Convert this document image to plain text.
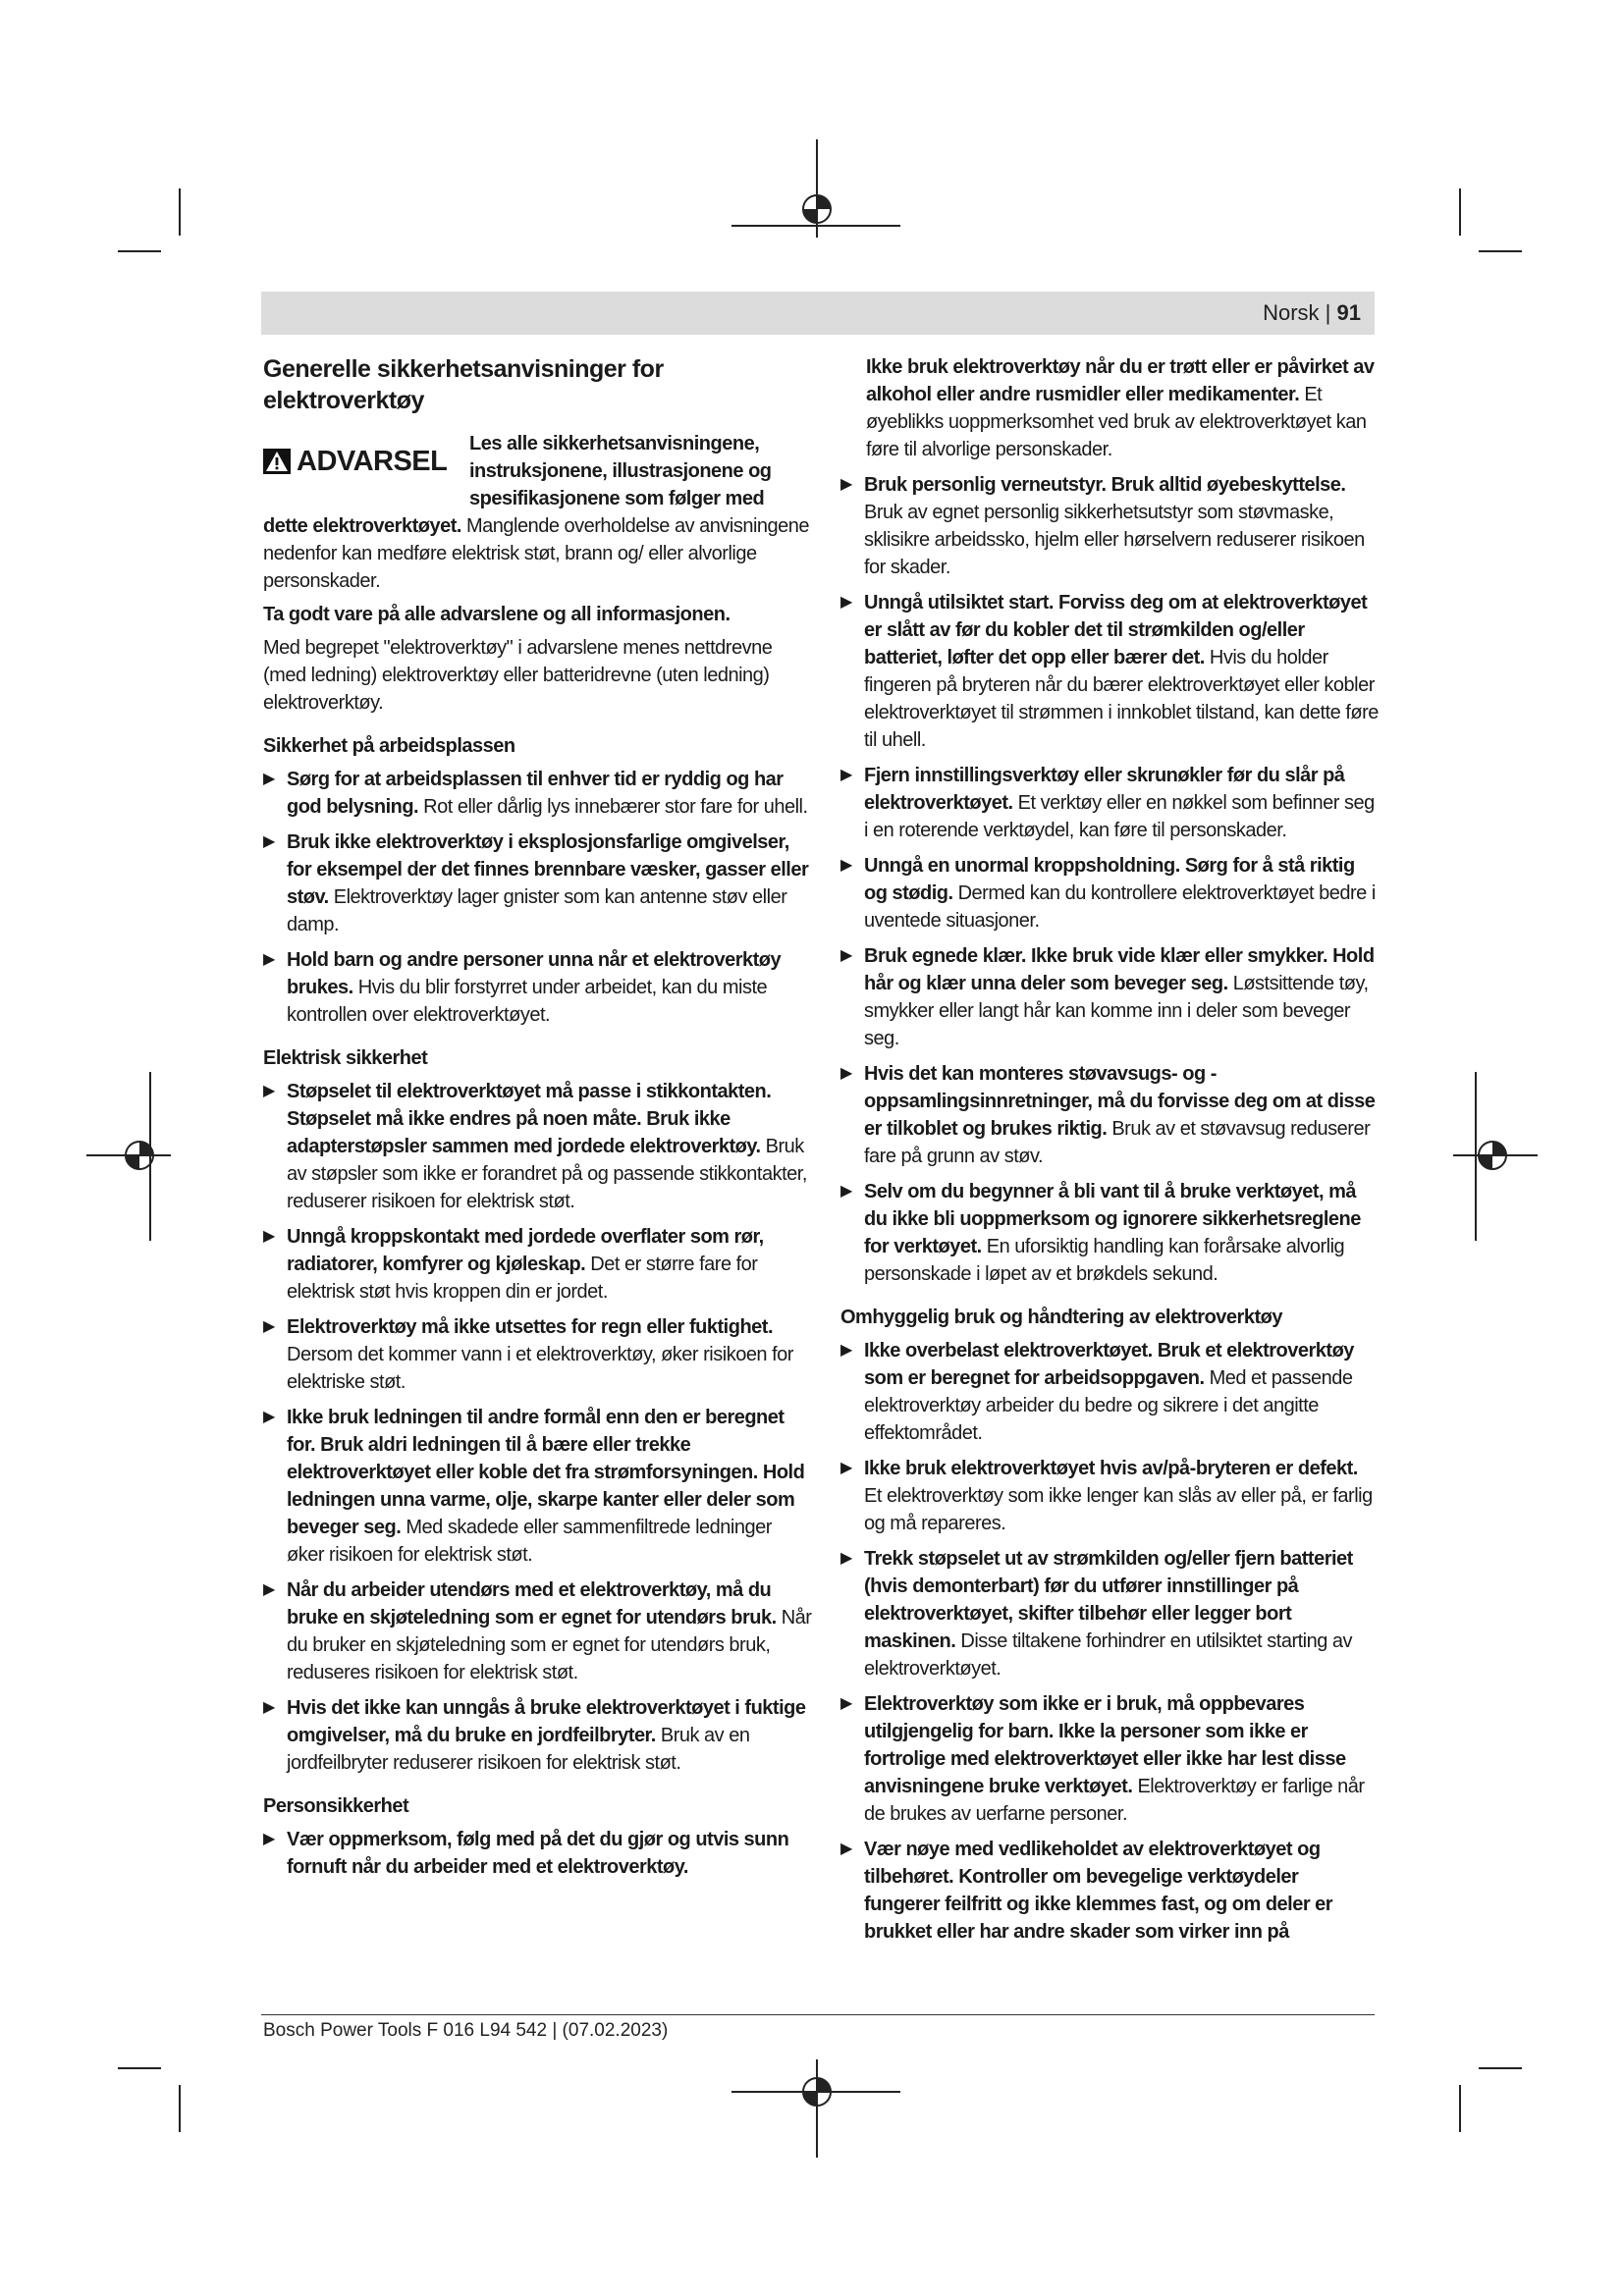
Norsk | 91
Generelle sikkerhetsanvisninger for elektroverktøy
ADVARSEL
Les alle sikkerhetsanvisningene, instruksjonene, illustrasjonene og spesifikasjonene som følger med dette elektroverktøyet. Manglende overholdelse av anvisningene nedenfor kan medføre elektrisk støt, brann og/ eller alvorlige personskader.
Ta godt vare på alle advarslene og all informasjonen.
Med begrepet "elektroverktøy" i advarslene menes nettdrevne (med ledning) elektroverktøy eller batteridrevne (uten ledning) elektroverktøy.
Sikkerhet på arbeidsplassen
▶ Sørg for at arbeidsplassen til enhver tid er ryddig og har god belysning. Rot eller dårlig lys innebærer stor fare for uhell.
▶ Bruk ikke elektroverktøy i eksplosjonsfarlige omgivelser, for eksempel der det finnes brennbare væsker, gasser eller støv. Elektroverktøy lager gnister som kan antenne støv eller damp.
▶ Hold barn og andre personer unna når et elektroverktøy brukes. Hvis du blir forstyrret under arbeidet, kan du miste kontrollen over elektroverktøyet.
Elektrisk sikkerhet
▶ Støpselet til elektroverktøyet må passe i stikkontakten. Støpselet må ikke endres på noen måte. Bruk ikke adapterstøpsler sammen med jordede elektroverktøy. Bruk av støpsler som ikke er forandret på og passende stikkontakter, reduserer risikoen for elektrisk støt.
▶ Unngå kroppskontakt med jordede overflater som rør, radiatorer, komfyrer og kjøleskap. Det er større fare for elektrisk støt hvis kroppen din er jordet.
▶ Elektroverktøy må ikke utsettes for regn eller fuktighet. Dersom det kommer vann i et elektroverktøy, øker risikoen for elektriske støt.
▶ Ikke bruk ledningen til andre formål enn den er beregnet for. Bruk aldri ledningen til å bære eller trekke elektroverktøyet eller koble det fra strømforsyningen. Hold ledningen unna varme, olje, skarpe kanter eller deler som beveger seg. Med skadede eller sammenfiltrede ledninger øker risikoen for elektrisk støt.
▶ Når du arbeider utendørs med et elektroverktøy, må du bruke en skjøteledning som er egnet for utendørs bruk. Når du bruker en skjøteledning som er egnet for utendørs bruk, reduseres risikoen for elektrisk støt.
▶ Hvis det ikke kan unngås å bruke elektroverktøyet i fuktige omgivelser, må du bruke en jordfeilbryter. Bruk av en jordfeilbryter reduserer risikoen for elektrisk støt.
Personsikkerhet
▶ Vær oppmerksom, følg med på det du gjør og utvis sunn fornuft når du arbeider med et elektroverktøy.
Ikke bruk elektroverktøy når du er trøtt eller er påvirket av alkohol eller andre rusmidler eller medikamenter. Et øyeblikks uoppmerksomhet ved bruk av elektroverktøyet kan føre til alvorlige personskader.
▶ Bruk personlig verneutstyr. Bruk alltid øyebeskyttelse. Bruk av egnet personlig sikkerhetsutstyr som støvmaske, sklisikre arbeidssko, hjelm eller hørselvern reduserer risikoen for skader.
▶ Unngå utilsiktet start. Forviss deg om at elektroverktøyet er slått av før du kobler det til strømkilden og/eller batteriet, løfter det opp eller bærer det. Hvis du holder fingeren på bryteren når du bærer elektroverktøyet eller kobler elektroverktøyet til strømmen i innkoblet tilstand, kan dette føre til uhell.
▶ Fjern innstillingsverktøy eller skrunøkler før du slår på elektroverktøyet. Et verktøy eller en nøkkel som befinner seg i en roterende verktøydel, kan føre til personskader.
▶ Unngå en unormal kroppsholdning. Sørg for å stå riktig og stødig. Dermed kan du kontrollere elektroverktøyet bedre i uventede situasjoner.
▶ Bruk egnede klær. Ikke bruk vide klær eller smykker. Hold hår og klær unna deler som beveger seg. Løstsittende tøy, smykker eller langt hår kan komme inn i deler som beveger seg.
▶ Hvis det kan monteres støvavsugs- og -oppsamlingsinnretninger, må du forvisse deg om at disse er tilkoblet og brukes riktig. Bruk av et støvavsug reduserer fare på grunn av støv.
▶ Selv om du begynner å bli vant til å bruke verktøyet, må du ikke bli uoppmerksom og ignorere sikkerhetsreglene for verktøyet. En uforsiktig handling kan forårsake alvorlig personskade i løpet av et brøkdels sekund.
Omhyggelig bruk og håndtering av elektroverktøy
▶ Ikke overbelast elektroverktøyet. Bruk et elektroverktøy som er beregnet for arbeidsoppgaven. Med et passende elektroverktøy arbeider du bedre og sikrere i det angitte effektområdet.
▶ Ikke bruk elektroverktøyet hvis av/på-bryteren er defekt. Et elektroverktøy som ikke lenger kan slås av eller på, er farlig og må repareres.
▶ Trekk støpselet ut av strømkilden og/eller fjern batteriet (hvis demonterbart) før du utfører innstillinger på elektroverktøyet, skifter tilbehør eller legger bort maskinen. Disse tiltakene forhindrer en utilsiktet starting av elektroverktøyet.
▶ Elektroverktøy som ikke er i bruk, må oppbevares utilgjengelig for barn. Ikke la personer som ikke er fortrolige med elektroverktøyet eller ikke har lest disse anvisningene bruke verktøyet. Elektroverktøy er farlige når de brukes av uerfarne personer.
▶ Vær nøye med vedlikeholdet av elektroverktøyet og tilbehøret. Kontroller om bevegelige verktøydeler fungerer feilfritt og ikke klemmes fast, og om deler er brukket eller har andre skader som virker inn på
Bosch Power Tools F 016 L94 542 | (07.02.2023)
